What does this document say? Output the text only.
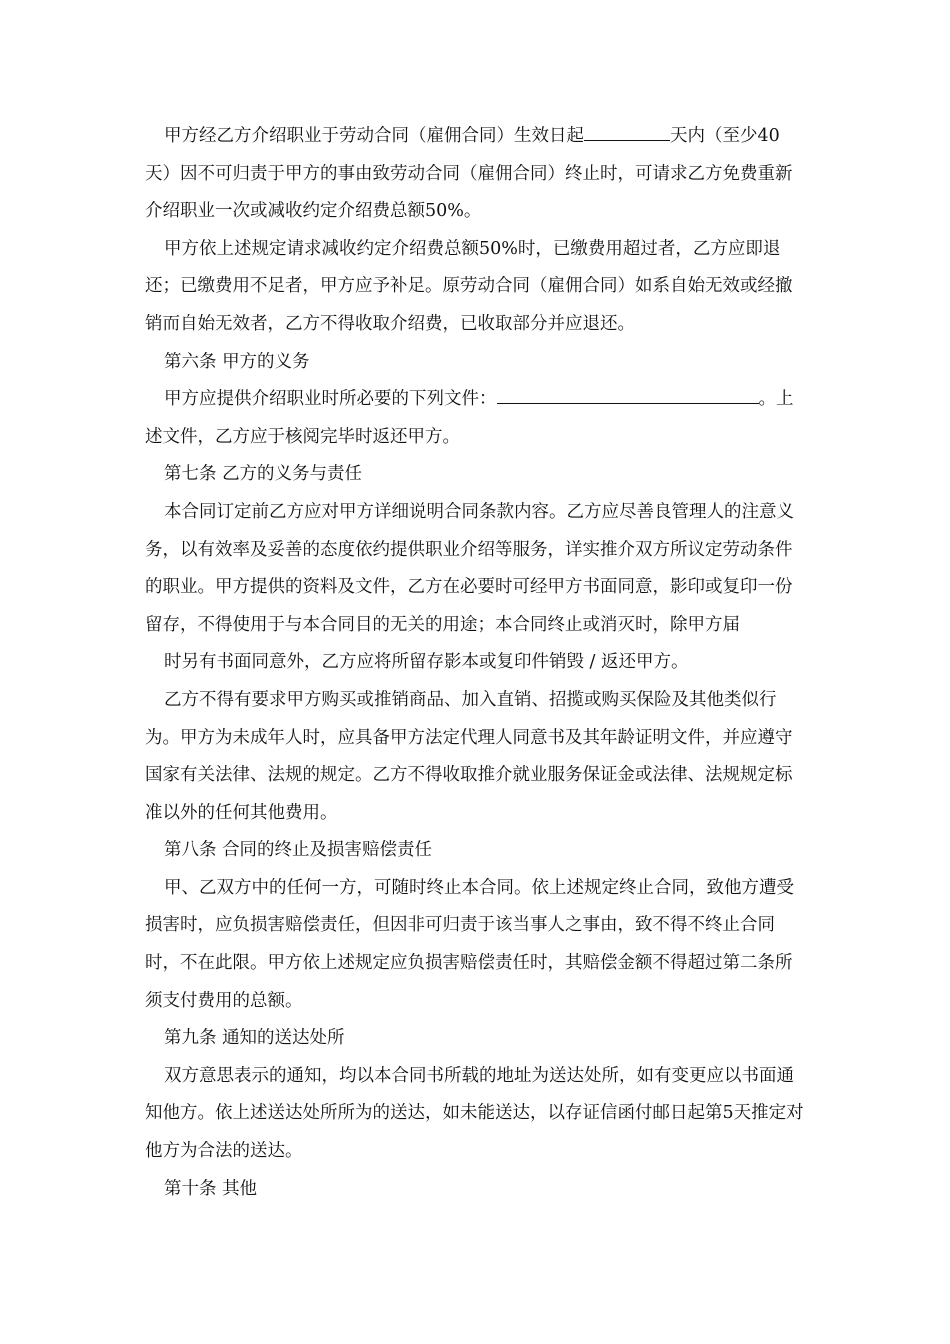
甲方经乙方介绍职业于劳动合同（雇佣合同）生效日起	天内（至少40天）因不可归责于甲方的事由致劳动合同（雇佣合同）终止时，可请求乙方免费重新介绍职业一次或减收约定介绍费总额50%。

甲方依上述规定请求减收约定介绍费总额50%时，已缴费用超过者，乙方应即退还；已缴费用不足者，甲方应予补足。原劳动合同（雇佣合同）如系自始无效或经撤销而自始无效者，乙方不得收取介绍费，已收取部分并应退还。

第六条 甲方的义务

甲方应提供介绍职业时所必要的下列文件：	。上述文件，乙方应于核阅完毕时返还甲方。

第七条 乙方的义务与责任

本合同订定前乙方应对甲方详细说明合同条款内容。乙方应尽善良管理人的注意义务，以有效率及妥善的态度依约提供职业介绍等服务，详实推介双方所议定劳动条件的职业。甲方提供的资料及文件，乙方在必要时可经甲方书面同意，影印或复印一份留存，不得使用于与本合同目的无关的用途；本合同终止或消灭时，除甲方届

时另有书面同意外，乙方应将所留存影本或复印件销毁 / 返还甲方。

乙方不得有要求甲方购买或推销商品、加入直销、招揽或购买保险及其他类似行为。甲方为未成年人时，应具备甲方法定代理人同意书及其年龄证明文件，并应遵守国家有关法律、法规的规定。乙方不得收取推介就业服务保证金或法律、法规规定标准以外的任何其他费用。

第八条 合同的终止及损害赔偿责任

甲、乙双方中的任何一方，可随时终止本合同。依上述规定终止合同，致他方遭受损害时，应负损害赔偿责任，但因非可归责于该当事人之事由，致不得不终止合同时，不在此限。甲方依上述规定应负损害赔偿责任时，其赔偿金额不得超过第二条所须支付费用的总额。

第九条 通知的送达处所

双方意思表示的通知，均以本合同书所载的地址为送达处所，如有变更应以书面通知他方。依上述送达处所所为的送达，如未能送达，以存证信函付邮日起第5天推定对他方为合法的送达。

第十条 其他
